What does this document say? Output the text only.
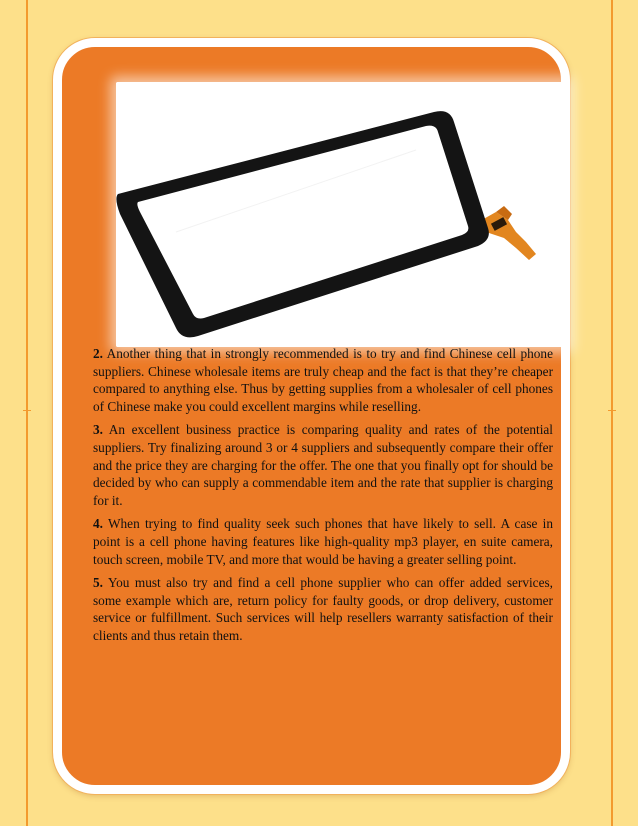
2. Another thing that in strongly recommended is to try and find Chinese cell phone suppliers. Chinese wholesale items are truly cheap and the fact is that they’re cheaper compared to anything else. Thus by getting supplies from a wholesaler of cell phones of Chinese make you could excellent margins while reselling.

3. An excellent business practice is comparing quality and rates of the potential suppliers. Try finalizing around 3 or 4 suppliers and subsequently compare their offer and the price they are charging for the offer. The one that you finally opt for should be decided by who can supply a commendable item and the rate that supplier is charging for it.

4. When trying to find quality seek such phones that have likely to sell. A case in point is a cell phone having features like high-quality mp3 player, en suite camera, touch screen, mobile TV, and more that would be having a greater selling point.

5. You must also try and find a cell phone supplier who can offer added services, some example which are, return policy for faulty goods, or drop delivery, customer service or fulfillment. Such services will help resellers warranty satisfaction of their clients and thus retain them.
